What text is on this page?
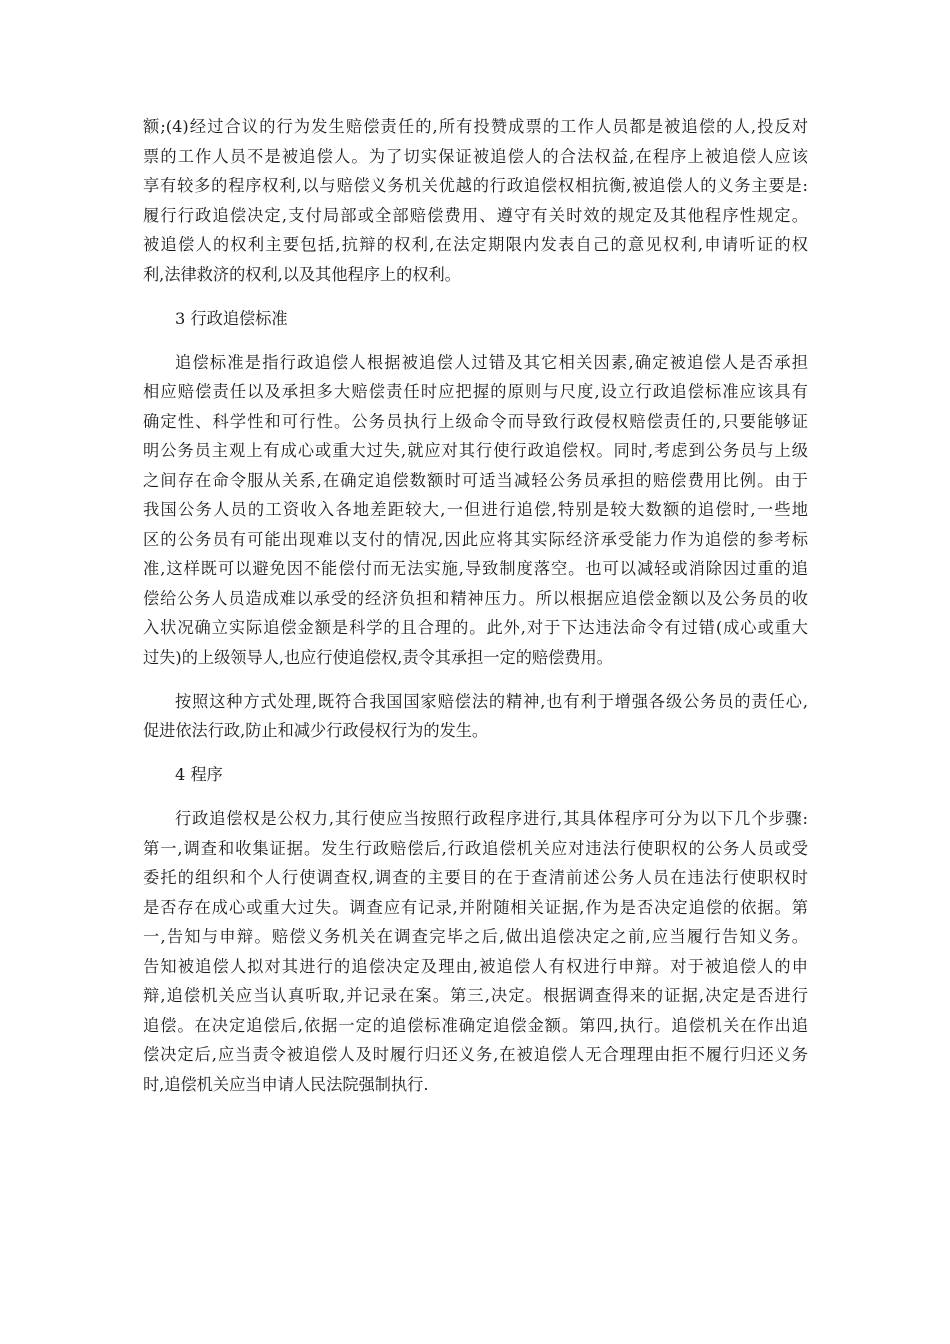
额;(4)经过合议的行为发生赔偿责任的,所有投赞成票的工作人员都是被追偿的人,投反对
票的工作人员不是被追偿人。为了切实保证被追偿人的合法权益,在程序上被追偿人应该
享有较多的程序权利,以与赔偿义务机关优越的行政追偿权相抗衡,被追偿人的义务主要是:
履行行政追偿决定,支付局部或全部赔偿费用、遵守有关时效的规定及其他程序性规定。
被追偿人的权利主要包括,抗辩的权利,在法定期限内发表自己的意见权利,申请听证的权
利,法律救济的权利,以及其他程序上的权利。
3 行政追偿标准
追偿标准是指行政追偿人根据被追偿人过错及其它相关因素,确定被追偿人是否承担
相应赔偿责任以及承担多大赔偿责任时应把握的原则与尺度,设立行政追偿标准应该具有
确定性、科学性和可行性。公务员执行上级命令而导致行政侵权赔偿责任的,只要能够证
明公务员主观上有成心或重大过失,就应对其行使行政追偿权。同时,考虑到公务员与上级
之间存在命令服从关系,在确定追偿数额时可适当减轻公务员承担的赔偿费用比例。由于
我国公务人员的工资收入各地差距较大,一但进行追偿,特别是较大数额的追偿时,一些地
区的公务员有可能出现难以支付的情况,因此应将其实际经济承受能力作为追偿的参考标
准,这样既可以避免因不能偿付而无法实施,导致制度落空。也可以减轻或消除因过重的追
偿给公务人员造成难以承受的经济负担和精神压力。所以根据应追偿金额以及公务员的收
入状况确立实际追偿金额是科学的且合理的。此外,对于下达违法命令有过错(成心或重大
过失)的上级领导人,也应行使追偿权,责令其承担一定的赔偿费用。
按照这种方式处理,既符合我国国家赔偿法的精神,也有利于增强各级公务员的责任心,
促进依法行政,防止和减少行政侵权行为的发生。
4 程序
行政追偿权是公权力,其行使应当按照行政程序进行,其具体程序可分为以下几个步骤:
第一,调查和收集证据。发生行政赔偿后,行政追偿机关应对违法行使职权的公务人员或受
委托的组织和个人行使调查权,调查的主要目的在于查清前述公务人员在违法行使职权时
是否存在成心或重大过失。调查应有记录,并附随相关证据,作为是否决定追偿的依据。第
一,告知与申辩。赔偿义务机关在调查完毕之后,做出追偿决定之前,应当履行告知义务。
告知被追偿人拟对其进行的追偿决定及理由,被追偿人有权进行申辩。对于被追偿人的申
辩,追偿机关应当认真听取,并记录在案。第三,决定。根据调查得来的证据,决定是否进行
追偿。在决定追偿后,依据一定的追偿标准确定追偿金额。第四,执行。追偿机关在作出追
偿决定后,应当责令被追偿人及时履行归还义务,在被追偿人无合理理由拒不履行归还义务
时,追偿机关应当申请人民法院强制执行.
